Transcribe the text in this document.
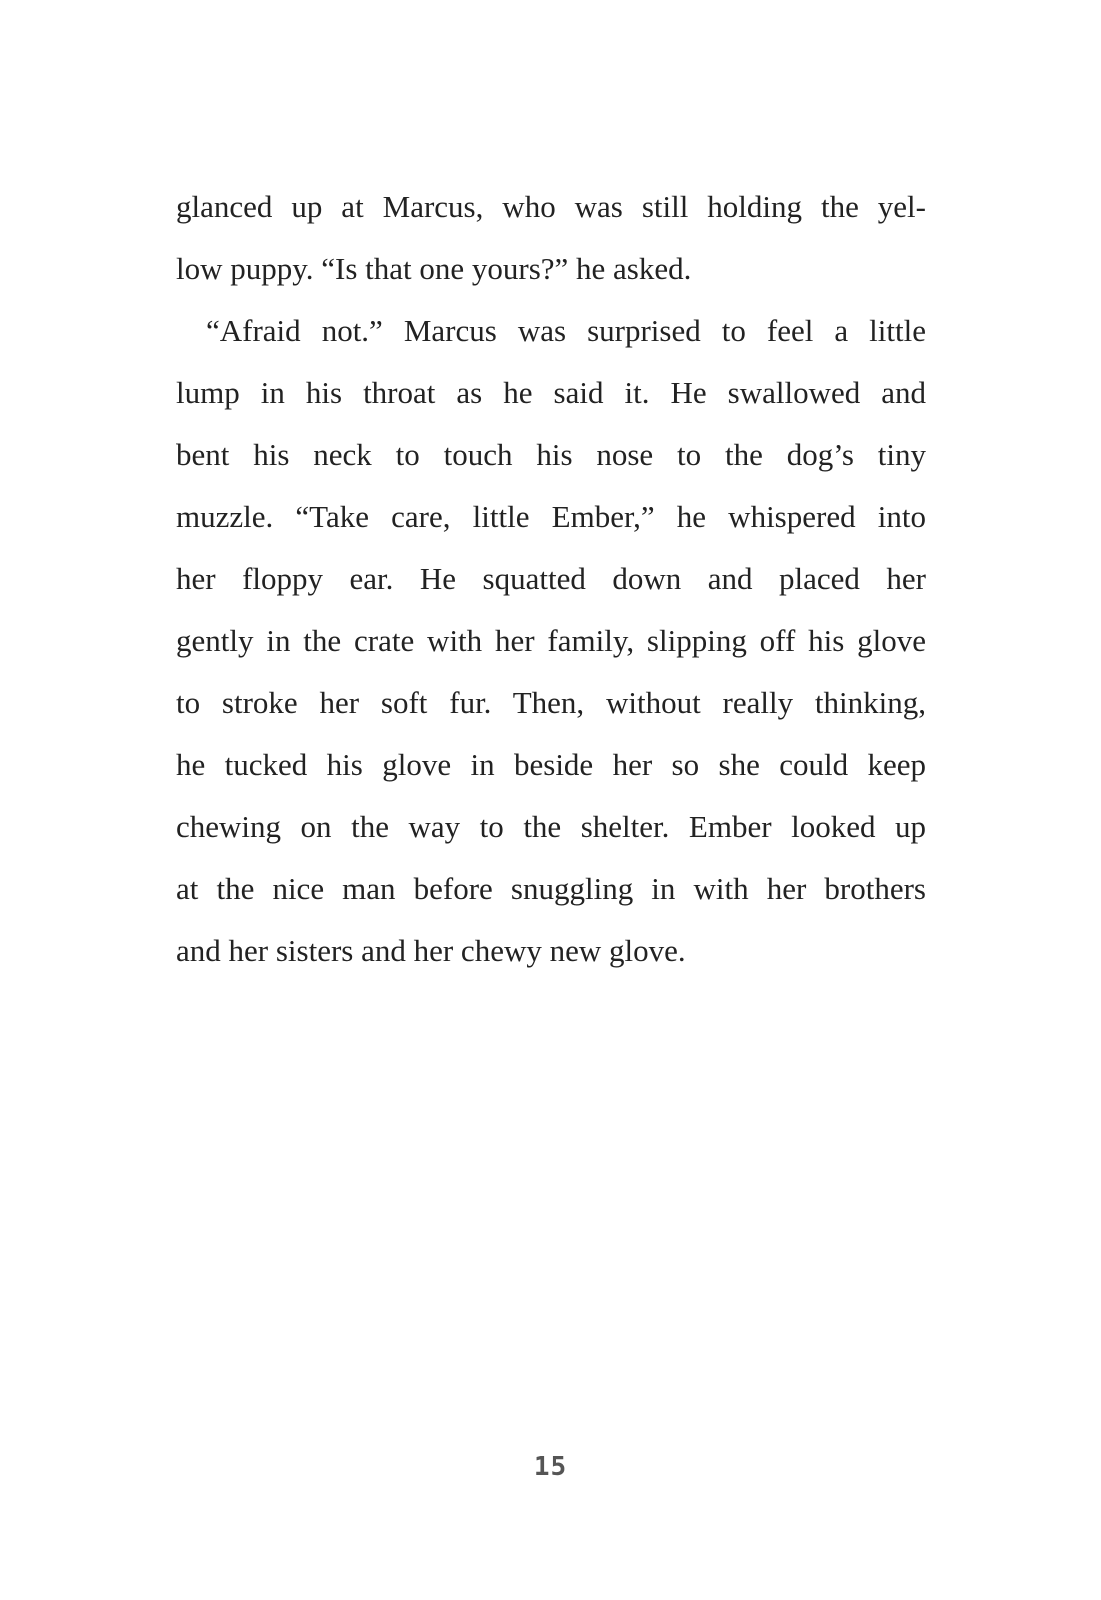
glanced up at Marcus, who was still holding the yel-
low puppy. “Is that one yours?” he asked.
“Afraid not.” Marcus was surprised to feel a little
lump in his throat as he said it. He swallowed and
bent his neck to touch his nose to the dog’s tiny
muzzle. “Take care, little Ember,” he whispered into
her floppy ear. He squatted down and placed her
gently in the crate with her family, slipping off his glove
to stroke her soft fur. Then, without really thinking,
he tucked his glove in beside her so she could keep
chewing on the way to the shelter. Ember looked up
at the nice man before snuggling in with her brothers
and her sisters and her chewy new glove.
15
